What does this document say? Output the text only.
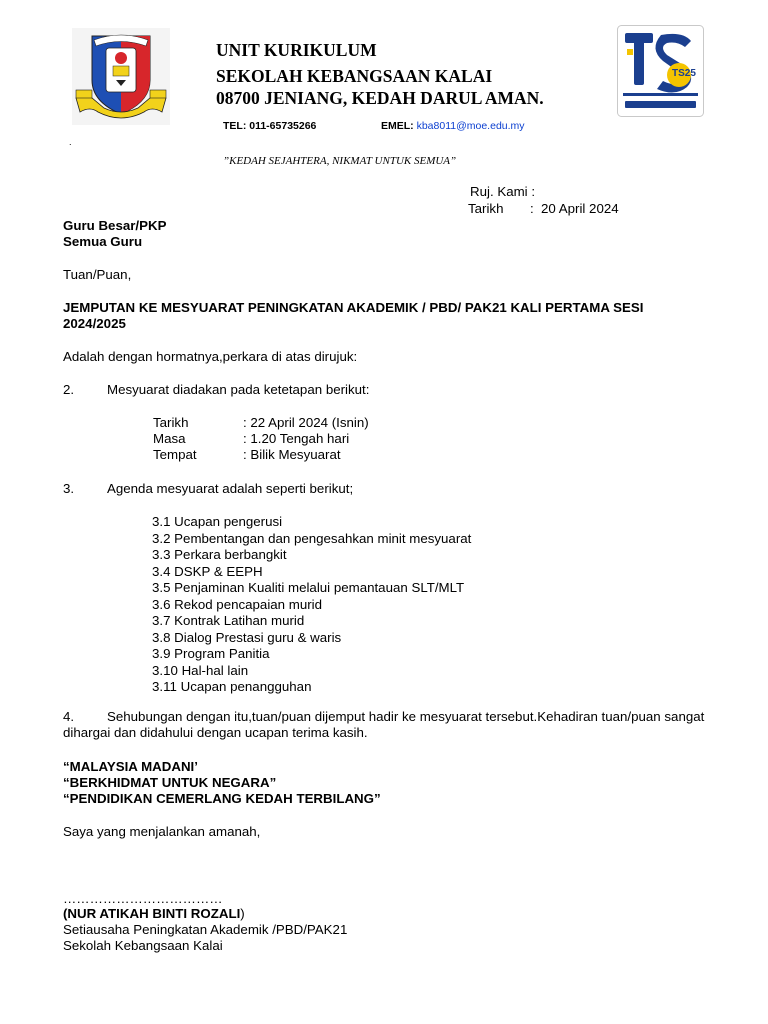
UNIT KURIKULUM
SEKOLAH KEBANGSAAN KALAI
08700 JENIANG, KEDAH DARUL AMAN.
TEL: 011-65735266	EMEL: kba8011@moe.edu.my
.
”KEDAH SEJAHTERA, NIKMAT UNTUK SEMUA”
TS25
Ruj. Kami :
Tarikh : 20 April 2024
Guru Besar/PKP
Semua Guru
Tuan/Puan,
JEMPUTAN KE MESYUARAT PENINGKATAN AKADEMIK / PBD/ PAK21 KALI PERTAMA SESI
2024/2025
Adalah dengan hormatnya,perkara di atas dirujuk:
2. Mesyuarat diadakan pada ketetapan berikut:
Tarikh	: 22 April 2024 (Isnin)
Masa	: 1.20 Tengah hari
Tempat	: Bilik Mesyuarat
3. Agenda mesyuarat adalah seperti berikut;
3.1 Ucapan pengerusi
3.2 Pembentangan dan pengesahkan minit mesyuarat
3.3 Perkara berbangkit
3.4 DSKP & EEPH
3.5 Penjaminan Kualiti melalui pemantauan SLT/MLT
3.6 Rekod pencapaian murid
3.7 Kontrak Latihan murid
3.8 Dialog Prestasi guru & waris
3.9 Program Panitia
3.10 Hal-hal lain
3.11 Ucapan penangguhan
4. Sehubungan dengan itu,tuan/puan dijemput hadir ke mesyuarat tersebut.Kehadiran tuan/puan sangat
dihargai dan didahului dengan ucapan terima kasih.
“MALAYSIA MADANI’
“BERKHIDMAT UNTUK NEGARA”
“PENDIDIKAN CEMERLANG KEDAH TERBILANG”
Saya yang menjalankan amanah,
………………………………
(NUR ATIKAH BINTI ROZALI)
Setiausaha Peningkatan Akademik /PBD/PAK21
Sekolah Kebangsaan Kalai
